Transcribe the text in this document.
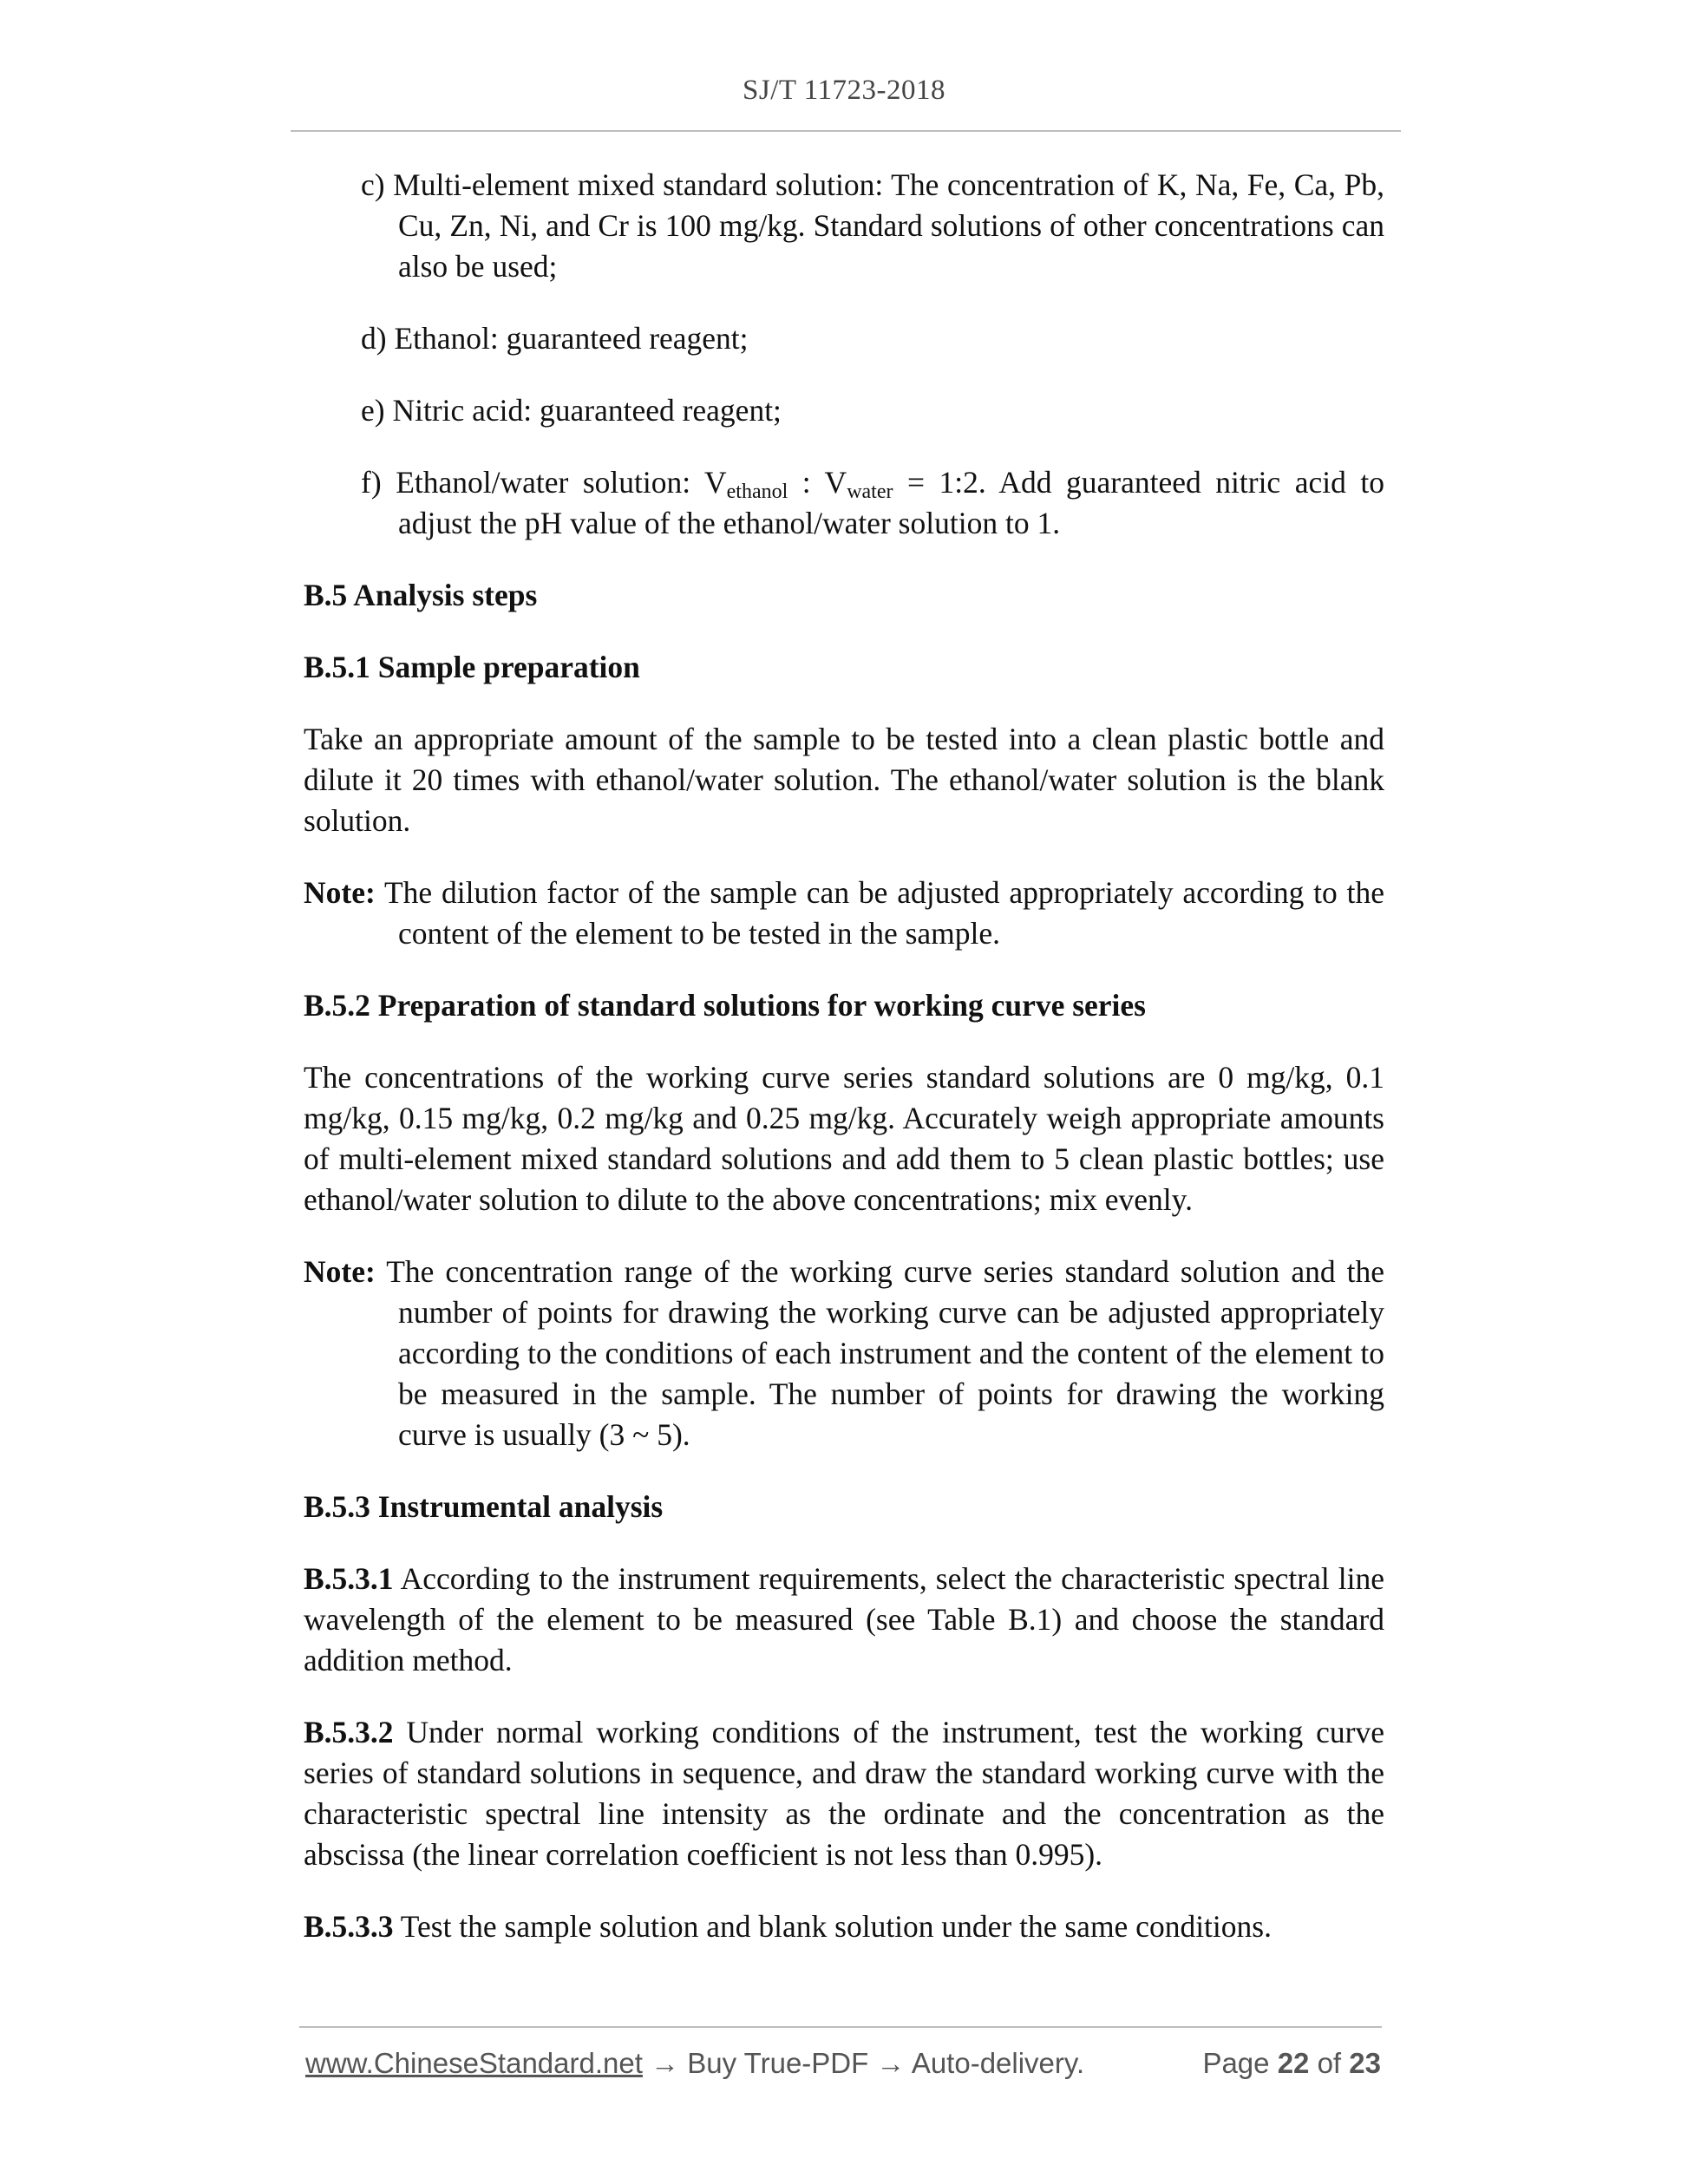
SJ/T 11723-2018
c) Multi-element mixed standard solution: The concentration of K, Na, Fe, Ca, Pb, Cu, Zn, Ni, and Cr is 100 mg/kg. Standard solutions of other concentrations can also be used;
d) Ethanol: guaranteed reagent;
e) Nitric acid: guaranteed reagent;
f) Ethanol/water solution: $V_{ethanol}$ : $V_{water}$ = 1:2. Add guaranteed nitric acid to adjust the pH value of the ethanol/water solution to 1.
B.5 Analysis steps
B.5.1 Sample preparation
Take an appropriate amount of the sample to be tested into a clean plastic bottle and dilute it 20 times with ethanol/water solution. The ethanol/water solution is the blank solution.
Note: The dilution factor of the sample can be adjusted appropriately according to the content of the element to be tested in the sample.
B.5.2 Preparation of standard solutions for working curve series
The concentrations of the working curve series standard solutions are 0 mg/kg, 0.1 mg/kg, 0.15 mg/kg, 0.2 mg/kg and 0.25 mg/kg. Accurately weigh appropriate amounts of multi-element mixed standard solutions and add them to 5 clean plastic bottles; use ethanol/water solution to dilute to the above concentrations; mix evenly.
Note: The concentration range of the working curve series standard solution and the number of points for drawing the working curve can be adjusted appropriately according to the conditions of each instrument and the content of the element to be measured in the sample. The number of points for drawing the working curve is usually (3 ~ 5).
B.5.3 Instrumental analysis
B.5.3.1 According to the instrument requirements, select the characteristic spectral line wavelength of the element to be measured (see Table B.1) and choose the standard addition method.
B.5.3.2 Under normal working conditions of the instrument, test the working curve series of standard solutions in sequence, and draw the standard working curve with the characteristic spectral line intensity as the ordinate and the concentration as the abscissa (the linear correlation coefficient is not less than 0.995).
B.5.3.3 Test the sample solution and blank solution under the same conditions.
www.ChineseStandard.net → Buy True-PDF → Auto-delivery.	Page 22 of 23
